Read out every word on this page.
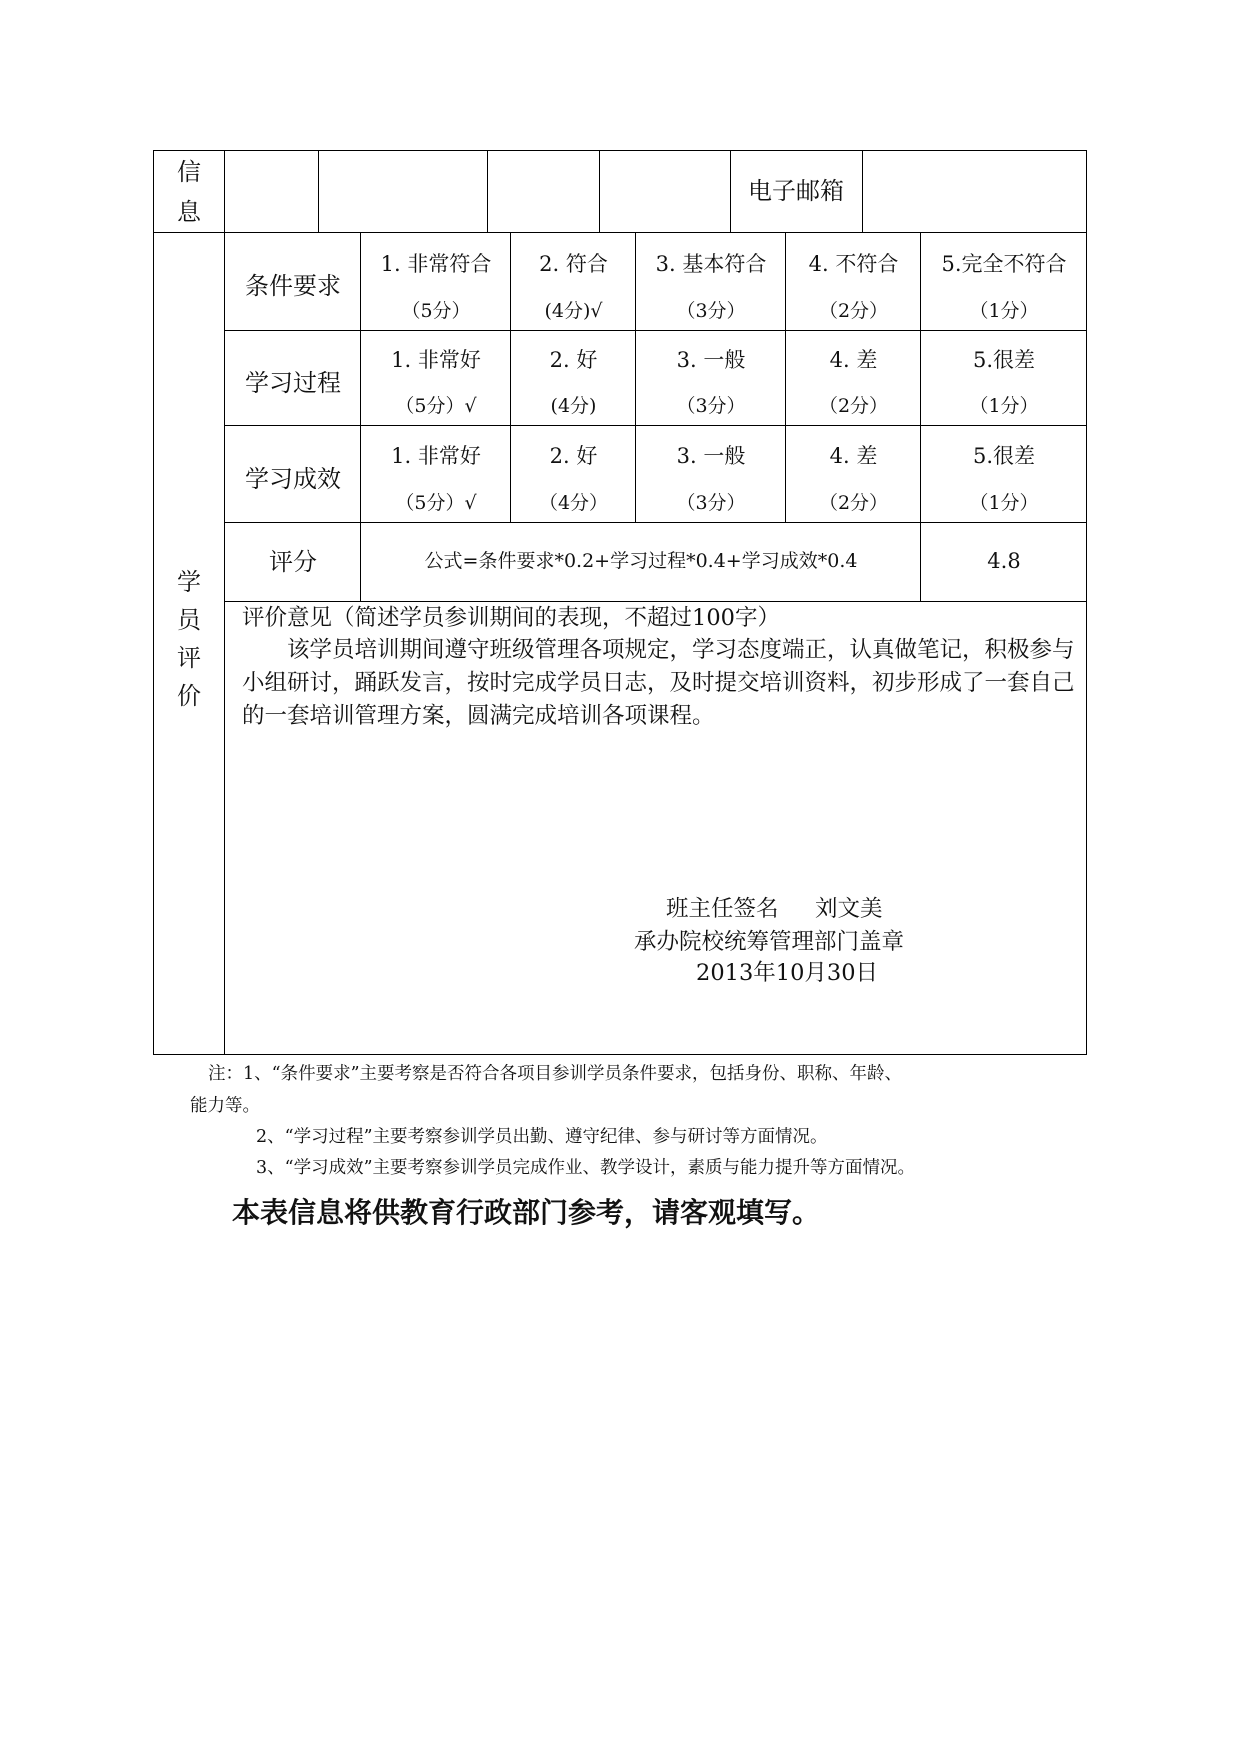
信
息
电子邮箱
学
员
评
价
条件要求
1. 非常符合
（5分）
2. 符合
(4分)√
3. 基本符合
（3分）
4. 不符合
（2分）
5.完全不符合
（1分）
学习过程
1. 非常好
（5分）√
2. 好
(4分)
3. 一般
（3分）
4. 差
（2分）
5.很差
（1分）
学习成效
1. 非常好
（5分）√
2. 好
（4分）
3. 一般
（3分）
4. 差
（2分）
5.很差
（1分）
评分	公式=条件要求*0.2+学习过程*0.4+学习成效*0.4	4.8
评价意见（简述学员参训期间的表现，不超过100字）
该学员培训期间遵守班级管理各项规定，学习态度端正，认真做笔记，积极参与小组研讨，踊跃发言，按时完成学员日志，及时提交培训资料，初步形成了一套自己的一套培训管理方案，圆满完成培训各项课程。
班主任签名 刘文美
承办院校统筹管理部门盖章
2013年10月30日
注：1、“条件要求”主要考察是否符合各项目参训学员条件要求，包括身份、职称、年龄、
能力等。
2、“学习过程”主要考察参训学员出勤、遵守纪律、参与研讨等方面情况。
3、“学习成效”主要考察参训学员完成作业、教学设计，素质与能力提升等方面情况。
本表信息将供教育行政部门参考，请客观填写。
